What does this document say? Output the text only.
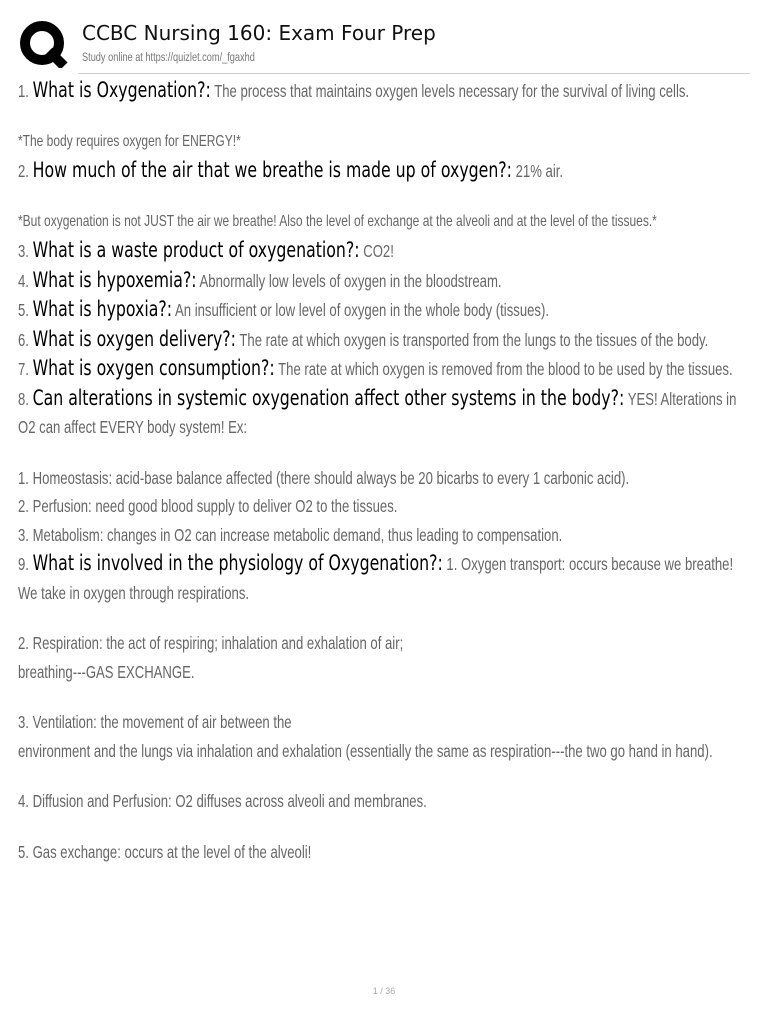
CCBC Nursing 160: Exam Four Prep
Study online at https://quizlet.com/_fgaxhd

1. What is Oxygenation?: The process that maintains oxygen levels necessary for the survival of living cells.

*The body requires oxygen for ENERGY!*

2. How much of the air that we breathe is made up of oxygen?: 21% air.

*But oxygenation is not JUST the air we breathe! Also the level of exchange at the alveoli and at the level of the tissues.*

3. What is a waste product of oxygenation?: CO2!

4. What is hypoxemia?: Abnormally low levels of oxygen in the bloodstream.

5. What is hypoxia?: An insufficient or low level of oxygen in the whole body (tissues).

6. What is oxygen delivery?: The rate at which oxygen is transported from the lungs to the tissues of the body.

7. What is oxygen consumption?: The rate at which oxygen is removed from the blood to be used by the tissues.

8. Can alterations in systemic oxygenation affect other systems in the body?: YES! Alterations in O2 can affect EVERY body system! Ex:

1. Homeostasis: acid-base balance affected (there should always be 20 bicarbs to every 1 carbonic acid).

2. Perfusion: need good blood supply to deliver O2 to the tissues.

3. Metabolism: changes in O2 can increase metabolic demand, thus leading to compensation.

9. What is involved in the physiology of Oxygenation?: 1. Oxygen transport: occurs because we breathe! We take in oxygen through respirations.

2. Respiration: the act of respiring; inhalation and exhalation of air;

breathing---GAS EXCHANGE.

3. Ventilation: the movement of air between the

environment and the lungs via inhalation and exhalation (essentially the same as respiration---the two go hand in hand).

4. Diffusion and Perfusion: O2 diffuses across alveoli and membranes.

5. Gas exchange: occurs at the level of the alveoli!

1 / 36
